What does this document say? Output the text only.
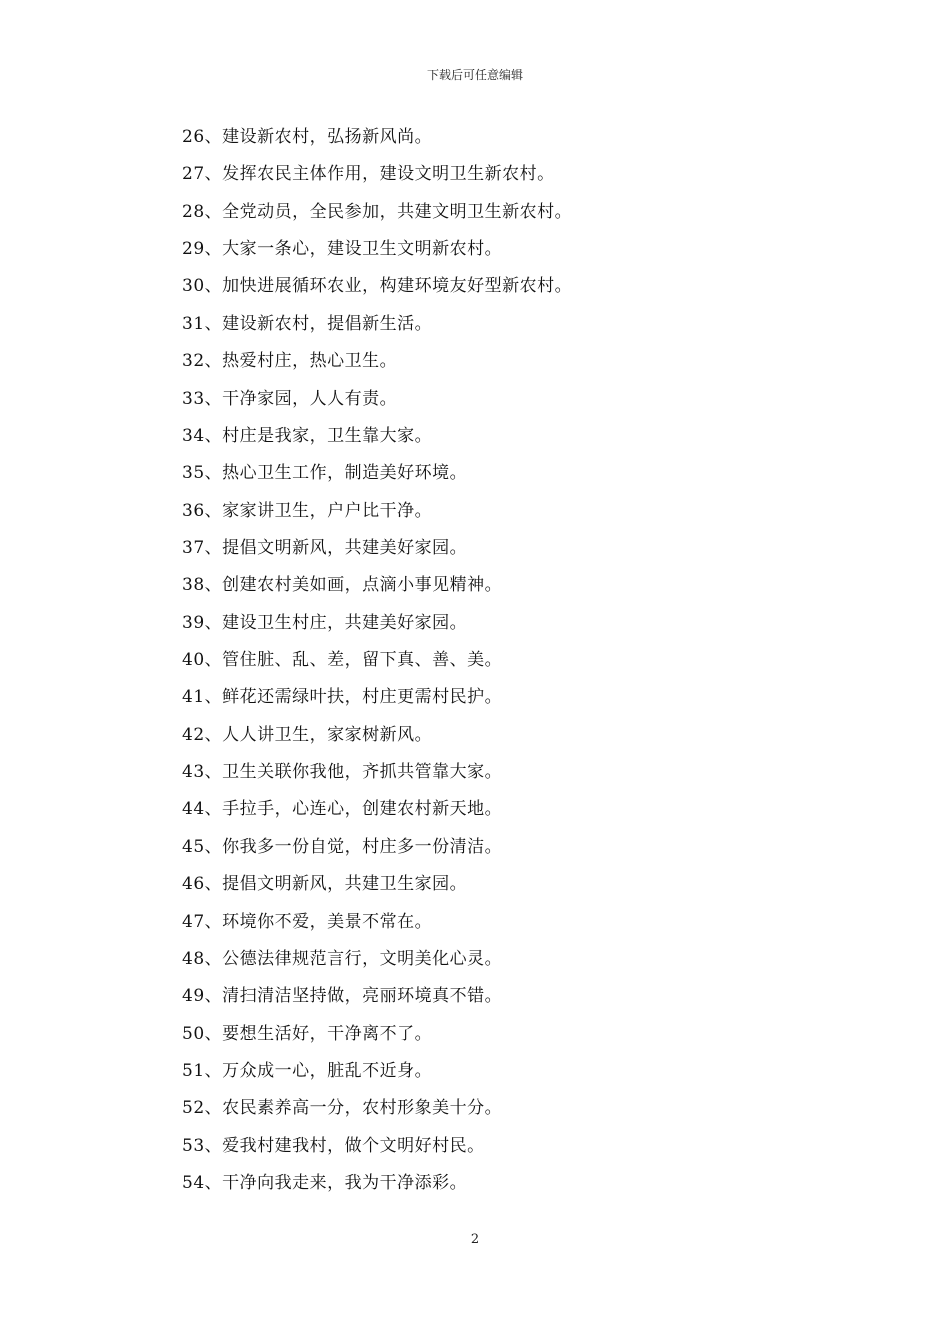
下载后可任意编辑
26、建设新农村，弘扬新风尚。
27、发挥农民主体作用，建设文明卫生新农村。
28、全党动员，全民参加，共建文明卫生新农村。
29、大家一条心，建设卫生文明新农村。
30、加快进展循环农业，构建环境友好型新农村。
31、建设新农村，提倡新生活。
32、热爱村庄，热心卫生。
33、干净家园，人人有责。
34、村庄是我家，卫生靠大家。
35、热心卫生工作，制造美好环境。
36、家家讲卫生，户户比干净。
37、提倡文明新风，共建美好家园。
38、创建农村美如画，点滴小事见精神。
39、建设卫生村庄，共建美好家园。
40、管住脏、乱、差，留下真、善、美。
41、鲜花还需绿叶扶，村庄更需村民护。
42、人人讲卫生，家家树新风。
43、卫生关联你我他，齐抓共管靠大家。
44、手拉手，心连心，创建农村新天地。
45、你我多一份自觉，村庄多一份清洁。
46、提倡文明新风，共建卫生家园。
47、环境你不爱，美景不常在。
48、公德法律规范言行，文明美化心灵。
49、清扫清洁坚持做，亮丽环境真不错。
50、要想生活好，干净离不了。
51、万众成一心，脏乱不近身。
52、农民素养高一分，农村形象美十分。
53、爱我村建我村，做个文明好村民。
54、干净向我走来，我为干净添彩。
2
